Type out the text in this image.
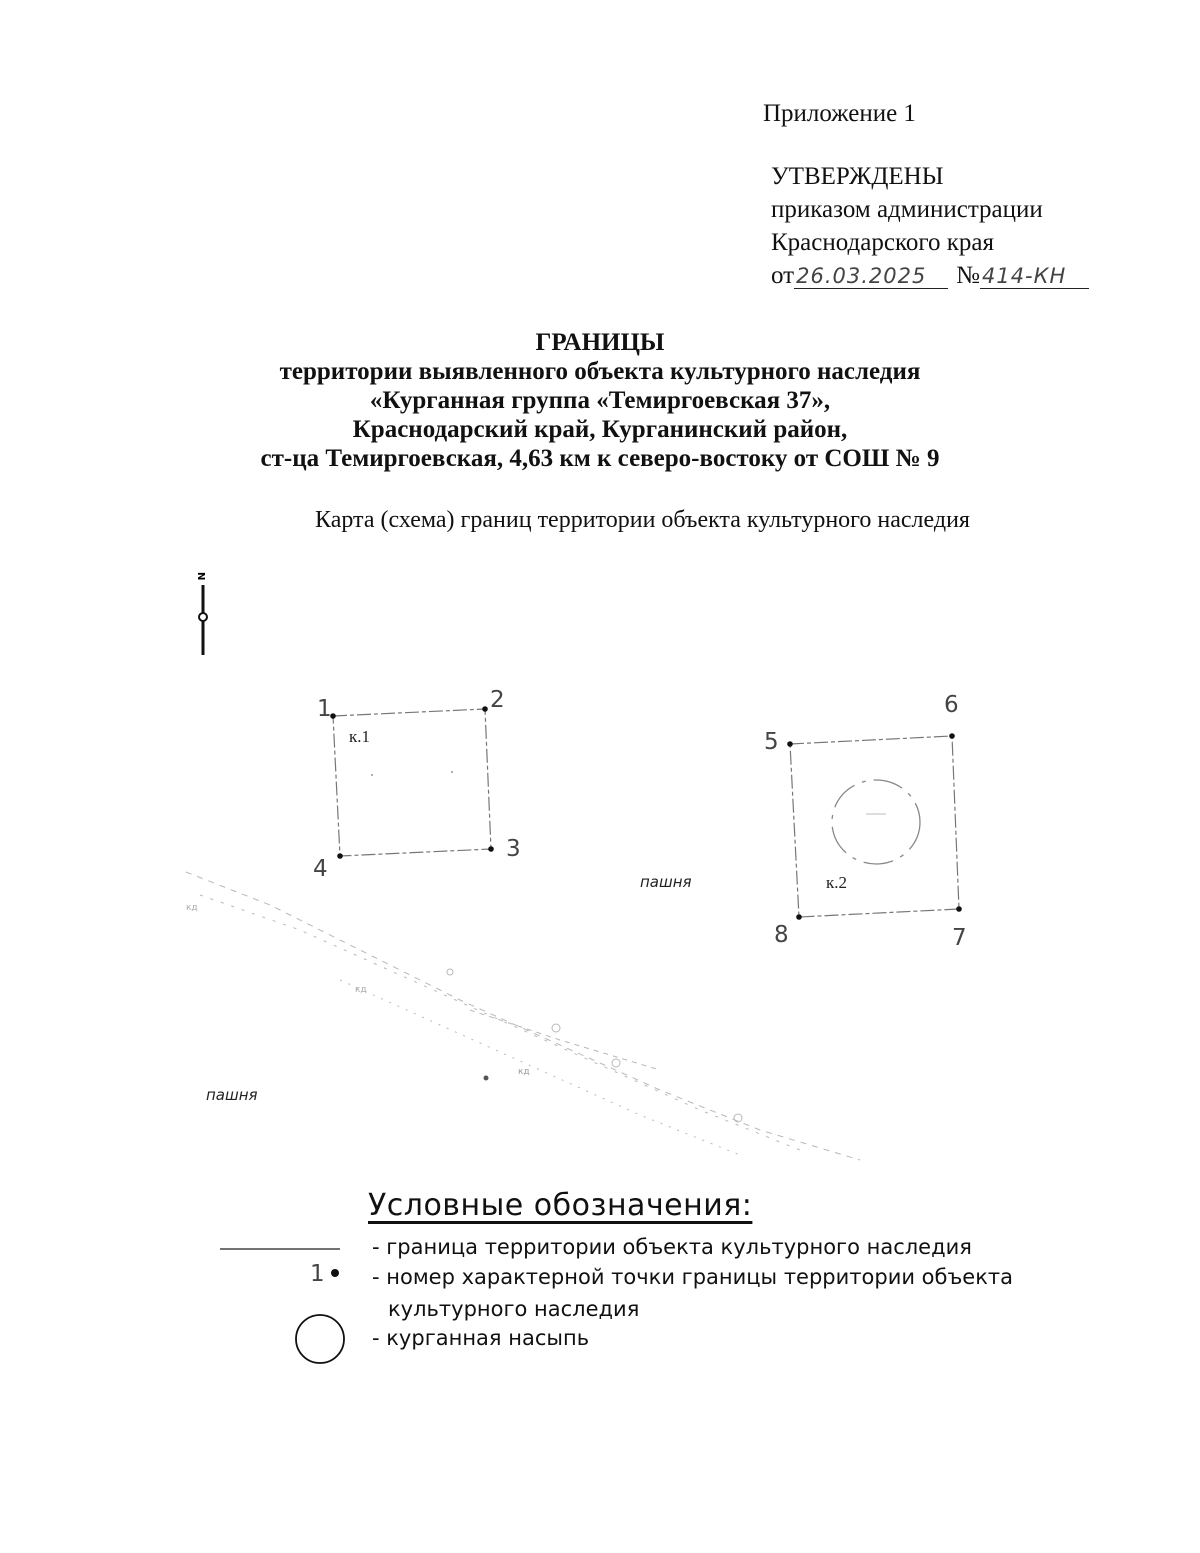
Приложение 1
УТВЕРЖДЕНЫ
приказом администрации
Краснодарского края
от26.03.2025 №414-КН
ГРАНИЦЫ
территории выявленного объекта культурного наследия
«Курганная группа «Темиргоевская 37»,
Краснодарский край, Курганинский район,
ст-ца Темиргоевская, 4,63 км к северо-востоку от СОШ № 9
Карта (схема) границ территории объекта культурного наследия
N
кд
кд
кд
1	2
3
4
5
6
7
8
к.1
к.2
пашня
пашня
Условные обозначения:
1
- граница территории объекта культурного наследия
- номер характерной точки границы территории объекта
культурного наследия
- курганная насыпь
